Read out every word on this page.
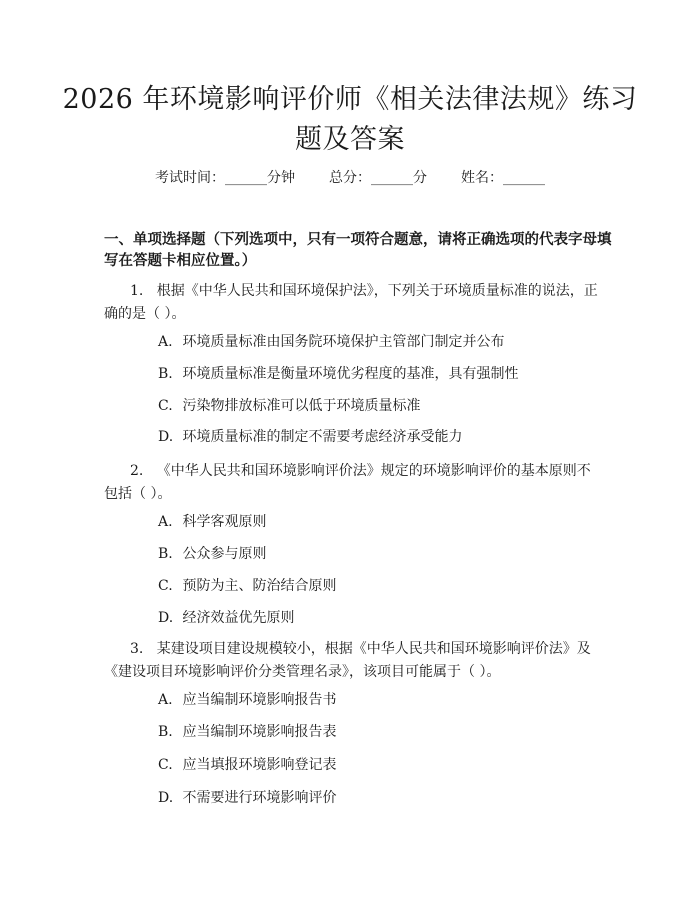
2026 年环境影响评价师《相关法律法规》练习题及答案
考试时间：______分钟 总分：______分 姓名：______
一、单项选择题（下列选项中，只有一项符合题意，请将正确选项的代表字母填写在答题卡相应位置。）
1. 根据《中华人民共和国环境保护法》，下列关于环境质量标准的说法，正确的是（ ）。
A. 环境质量标准由国务院环境保护主管部门制定并公布
B. 环境质量标准是衡量环境优劣程度的基准，具有强制性
C. 污染物排放标准可以低于环境质量标准
D. 环境质量标准的制定不需要考虑经济承受能力
2. 《中华人民共和国环境影响评价法》规定的环境影响评价的基本原则不包括（ ）。
A. 科学客观原则
B. 公众参与原则
C. 预防为主、防治结合原则
D. 经济效益优先原则
3. 某建设项目建设规模较小，根据《中华人民共和国环境影响评价法》及《建设项目环境影响评价分类管理名录》，该项目可能属于（ ）。
A. 应当编制环境影响报告书
B. 应当编制环境影响报告表
C. 应当填报环境影响登记表
D. 不需要进行环境影响评价
